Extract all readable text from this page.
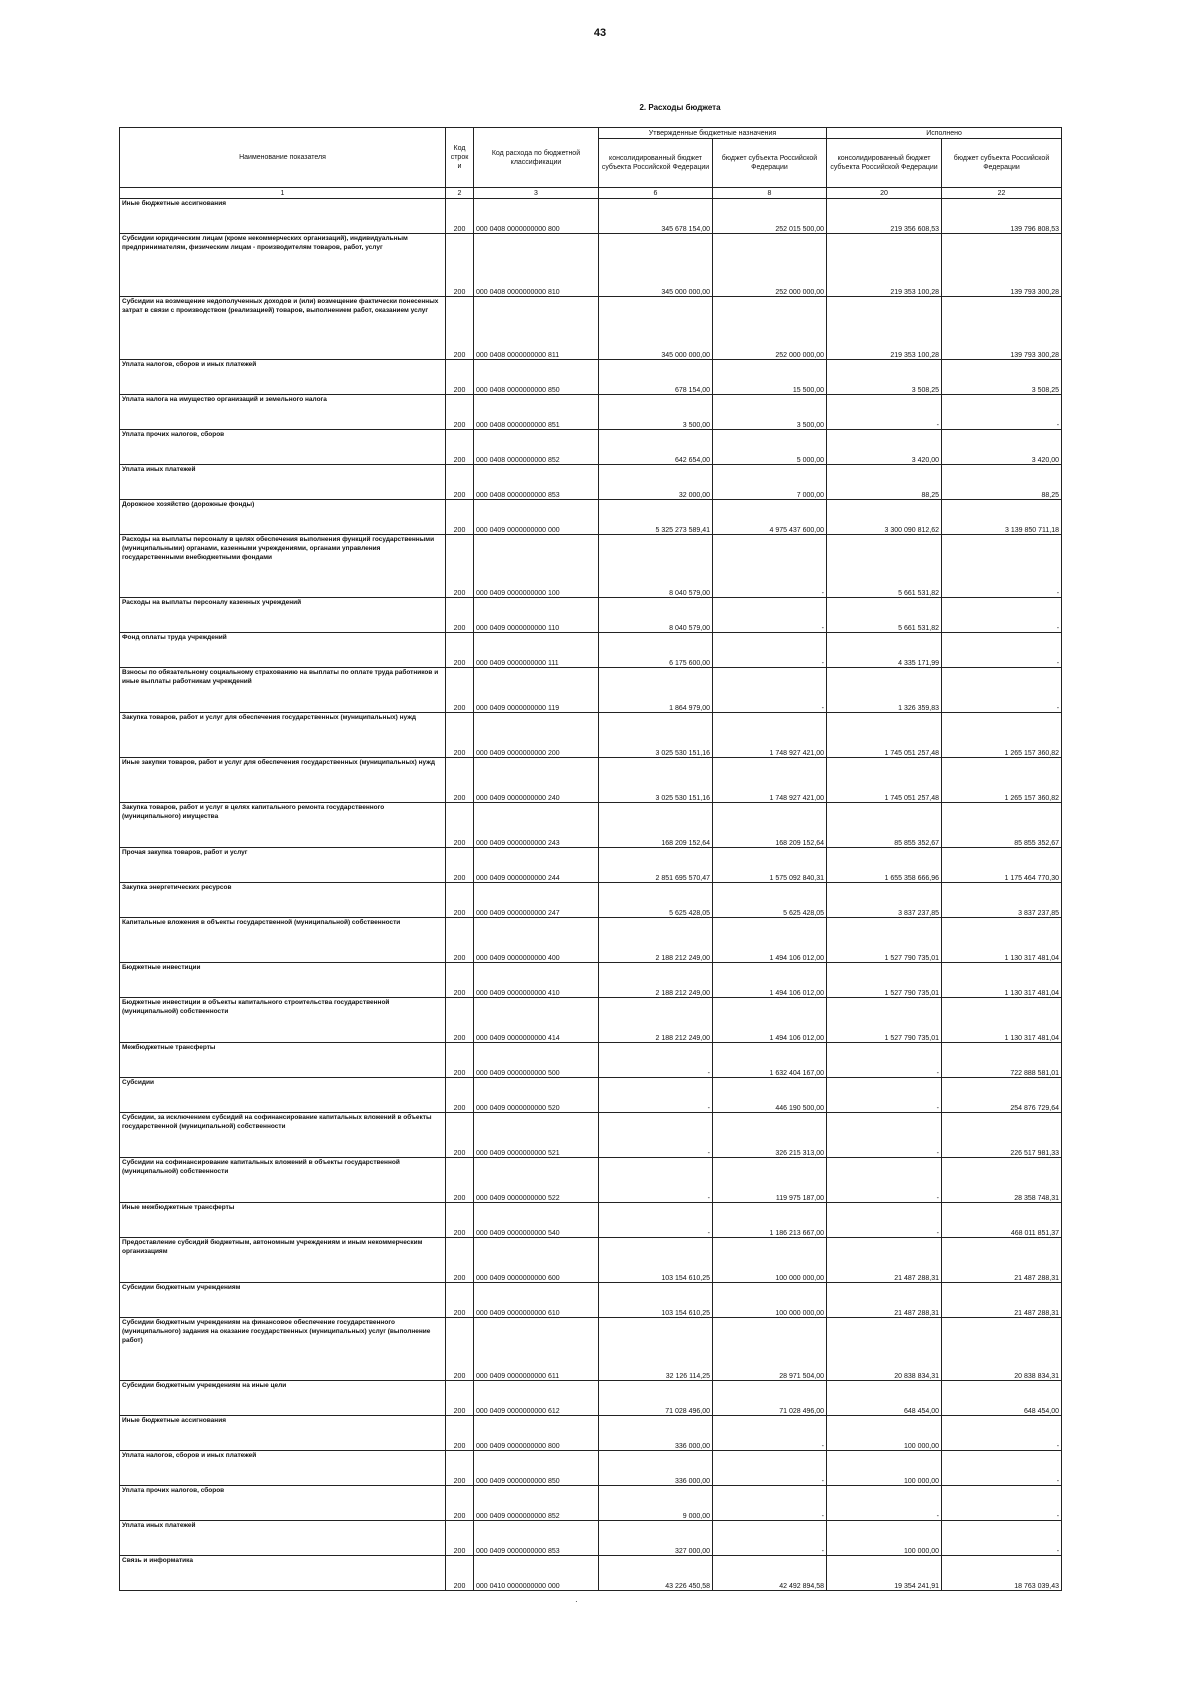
43
2. Расходы бюджета
Наименование показателя	Код строк и	Код расхода по бюджетной классификации	Утвержденные бюджетные назначения		Исполнено	
			консолидированный бюджет субъекта Российской Федерации	бюджет субъекта Российской Федерации	консолидированный бюджет субъекта Российской Федерации	бюджет субъекта Российской Федерации
1	2	3	6	8	20	22
Иные бюджетные ассигнования	200	000 0408 0000000000 800	345 678 154,00	252 015 500,00	219 356 608,53	139 796 808,53
Субсидии юридическим лицам (кроме некоммерческих организаций), индивидуальным предпринимателям, физическим лицам - производителям товаров, работ, услуг	200	000 0408 0000000000 810	345 000 000,00	252 000 000,00	219 353 100,28	139 793 300,28
Субсидии на возмещение недополученных доходов и (или) возмещение фактически понесенных затрат в связи с производством (реализацией) товаров, выполнением работ, оказанием услуг	200	000 0408 0000000000 811	345 000 000,00	252 000 000,00	219 353 100,28	139 793 300,28
Уплата налогов, сборов и иных платежей	200	000 0408 0000000000 850	678 154,00	15 500,00	3 508,25	3 508,25
Уплата налога на имущество организаций и земельного налога	200	000 0408 0000000000 851	3 500,00	3 500,00	-	-
Уплата прочих налогов, сборов	200	000 0408 0000000000 852	642 654,00	5 000,00	3 420,00	3 420,00
Уплата иных платежей	200	000 0408 0000000000 853	32 000,00	7 000,00	88,25	88,25
Дорожное хозяйство (дорожные фонды)	200	000 0409 0000000000 000	5 325 273 589,41	4 975 437 600,00	3 300 090 812,62	3 139 850 711,18
Расходы на выплаты персоналу в целях обеспечения выполнения функций государственными (муниципальными) органами, казенными учреждениями, органами управления государственными внебюджетными фондами	200	000 0409 0000000000 100	8 040 579,00	-	5 661 531,82	-
Расходы на выплаты персоналу казенных учреждений	200	000 0409 0000000000 110	8 040 579,00	-	5 661 531,82	-
Фонд оплаты труда учреждений	200	000 0409 0000000000 111	6 175 600,00	-	4 335 171,99	-
Взносы по обязательному социальному страхованию на выплаты по оплате труда работников и иные выплаты работникам учреждений	200	000 0409 0000000000 119	1 864 979,00	-	1 326 359,83	-
Закупка товаров, работ и услуг для обеспечения государственных (муниципальных) нужд	200	000 0409 0000000000 200	3 025 530 151,16	1 748 927 421,00	1 745 051 257,48	1 265 157 360,82
Иные закупки товаров, работ и услуг для обеспечения государственных (муниципальных) нужд	200	000 0409 0000000000 240	3 025 530 151,16	1 748 927 421,00	1 745 051 257,48	1 265 157 360,82
Закупка товаров, работ и услуг в целях капитального ремонта государственного (муниципального) имущества	200	000 0409 0000000000 243	168 209 152,64	168 209 152,64	85 855 352,67	85 855 352,67
Прочая закупка товаров, работ и услуг	200	000 0409 0000000000 244	2 851 695 570,47	1 575 092 840,31	1 655 358 666,96	1 175 464 770,30
Закупка энергетических ресурсов	200	000 0409 0000000000 247	5 625 428,05	5 625 428,05	3 837 237,85	3 837 237,85
Капитальные вложения в объекты государственной (муниципальной) собственности	200	000 0409 0000000000 400	2 188 212 249,00	1 494 106 012,00	1 527 790 735,01	1 130 317 481,04
Бюджетные инвестиции	200	000 0409 0000000000 410	2 188 212 249,00	1 494 106 012,00	1 527 790 735,01	1 130 317 481,04
Бюджетные инвестиции в объекты капитального строительства государственной (муниципальной) собственности	200	000 0409 0000000000 414	2 188 212 249,00	1 494 106 012,00	1 527 790 735,01	1 130 317 481,04
Межбюджетные трансферты	200	000 0409 0000000000 500	-	1 632 404 167,00	-	722 888 581,01
Субсидии	200	000 0409 0000000000 520	-	446 190 500,00	-	254 876 729,64
Субсидии, за исключением субсидий на софинансирование капитальных вложений в объекты государственной (муниципальной) собственности	200	000 0409 0000000000 521	-	326 215 313,00	-	226 517 981,33
Субсидии на софинансирование капитальных вложений в объекты государственной (муниципальной) собственности	200	000 0409 0000000000 522	-	119 975 187,00	-	28 358 748,31
Иные межбюджетные трансферты	200	000 0409 0000000000 540	-	1 186 213 667,00	-	468 011 851,37
Предоставление субсидий бюджетным, автономным учреждениям и иным некоммерческим организациям	200	000 0409 0000000000 600	103 154 610,25	100 000 000,00	21 487 288,31	21 487 288,31
Субсидии бюджетным учреждениям	200	000 0409 0000000000 610	103 154 610,25	100 000 000,00	21 487 288,31	21 487 288,31
Субсидии бюджетным учреждениям на финансовое обеспечение государственного (муниципального) задания на оказание государственных (муниципальных) услуг (выполнение работ)	200	000 0409 0000000000 611	32 126 114,25	28 971 504,00	20 838 834,31	20 838 834,31
Субсидии бюджетным учреждениям на иные цели	200	000 0409 0000000000 612	71 028 496,00	71 028 496,00	648 454,00	648 454,00
Иные бюджетные ассигнования	200	000 0409 0000000000 800	336 000,00	-	100 000,00	-
Уплата налогов, сборов и иных платежей	200	000 0409 0000000000 850	336 000,00	-	100 000,00	-
Уплата прочих налогов, сборов	200	000 0409 0000000000 852	9 000,00	-	-	-
Уплата иных платежей	200	000 0409 0000000000 853	327 000,00	-	100 000,00	-
Связь и информатика	200	000 0410 0000000000 000	43 226 450,58	42 492 894,58	19 354 241,91	18 763 039,43
·
